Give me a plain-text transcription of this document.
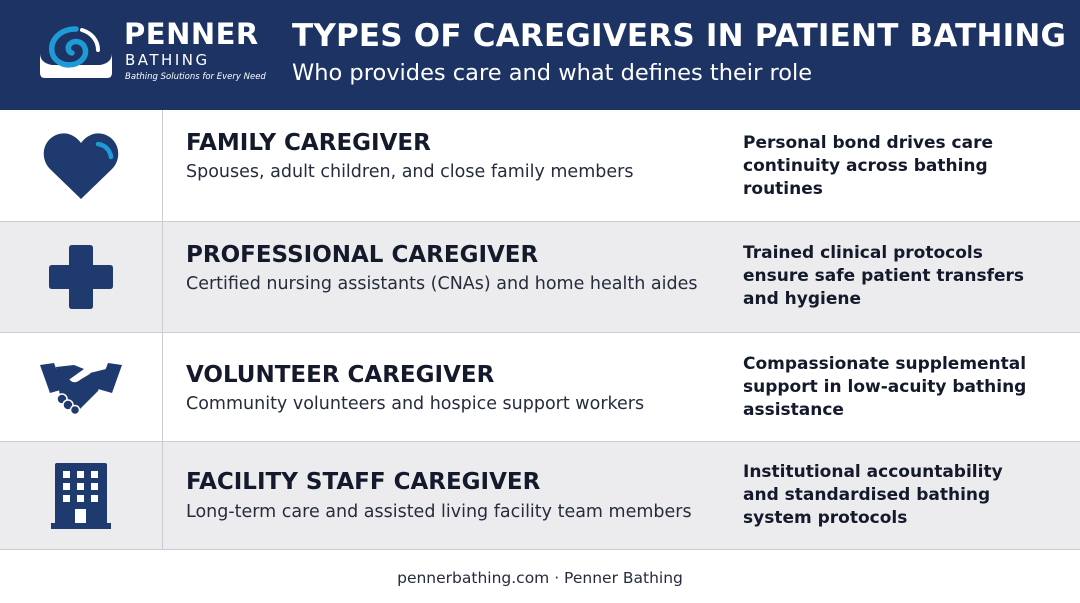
PENNER
BATHING
Bathing Solutions for Every Need
TYPES OF CAREGIVERS IN PATIENT BATHING
Who provides care and what defines their role
FAMILY CAREGIVER
Spouses, adult children, and close family members
Personal bond drives care continuity across bathing routines
PROFESSIONAL CAREGIVER
Certified nursing assistants (CNAs) and home health aides
Trained clinical protocols ensure safe patient transfers and hygiene
VOLUNTEER CAREGIVER
Community volunteers and hospice support workers
Compassionate supplemental support in low-acuity bathing assistance
FACILITY STAFF CAREGIVER
Long-term care and assisted living facility team members
Institutional accountability and standardised bathing system protocols
pennerbathing.com · Penner Bathing
